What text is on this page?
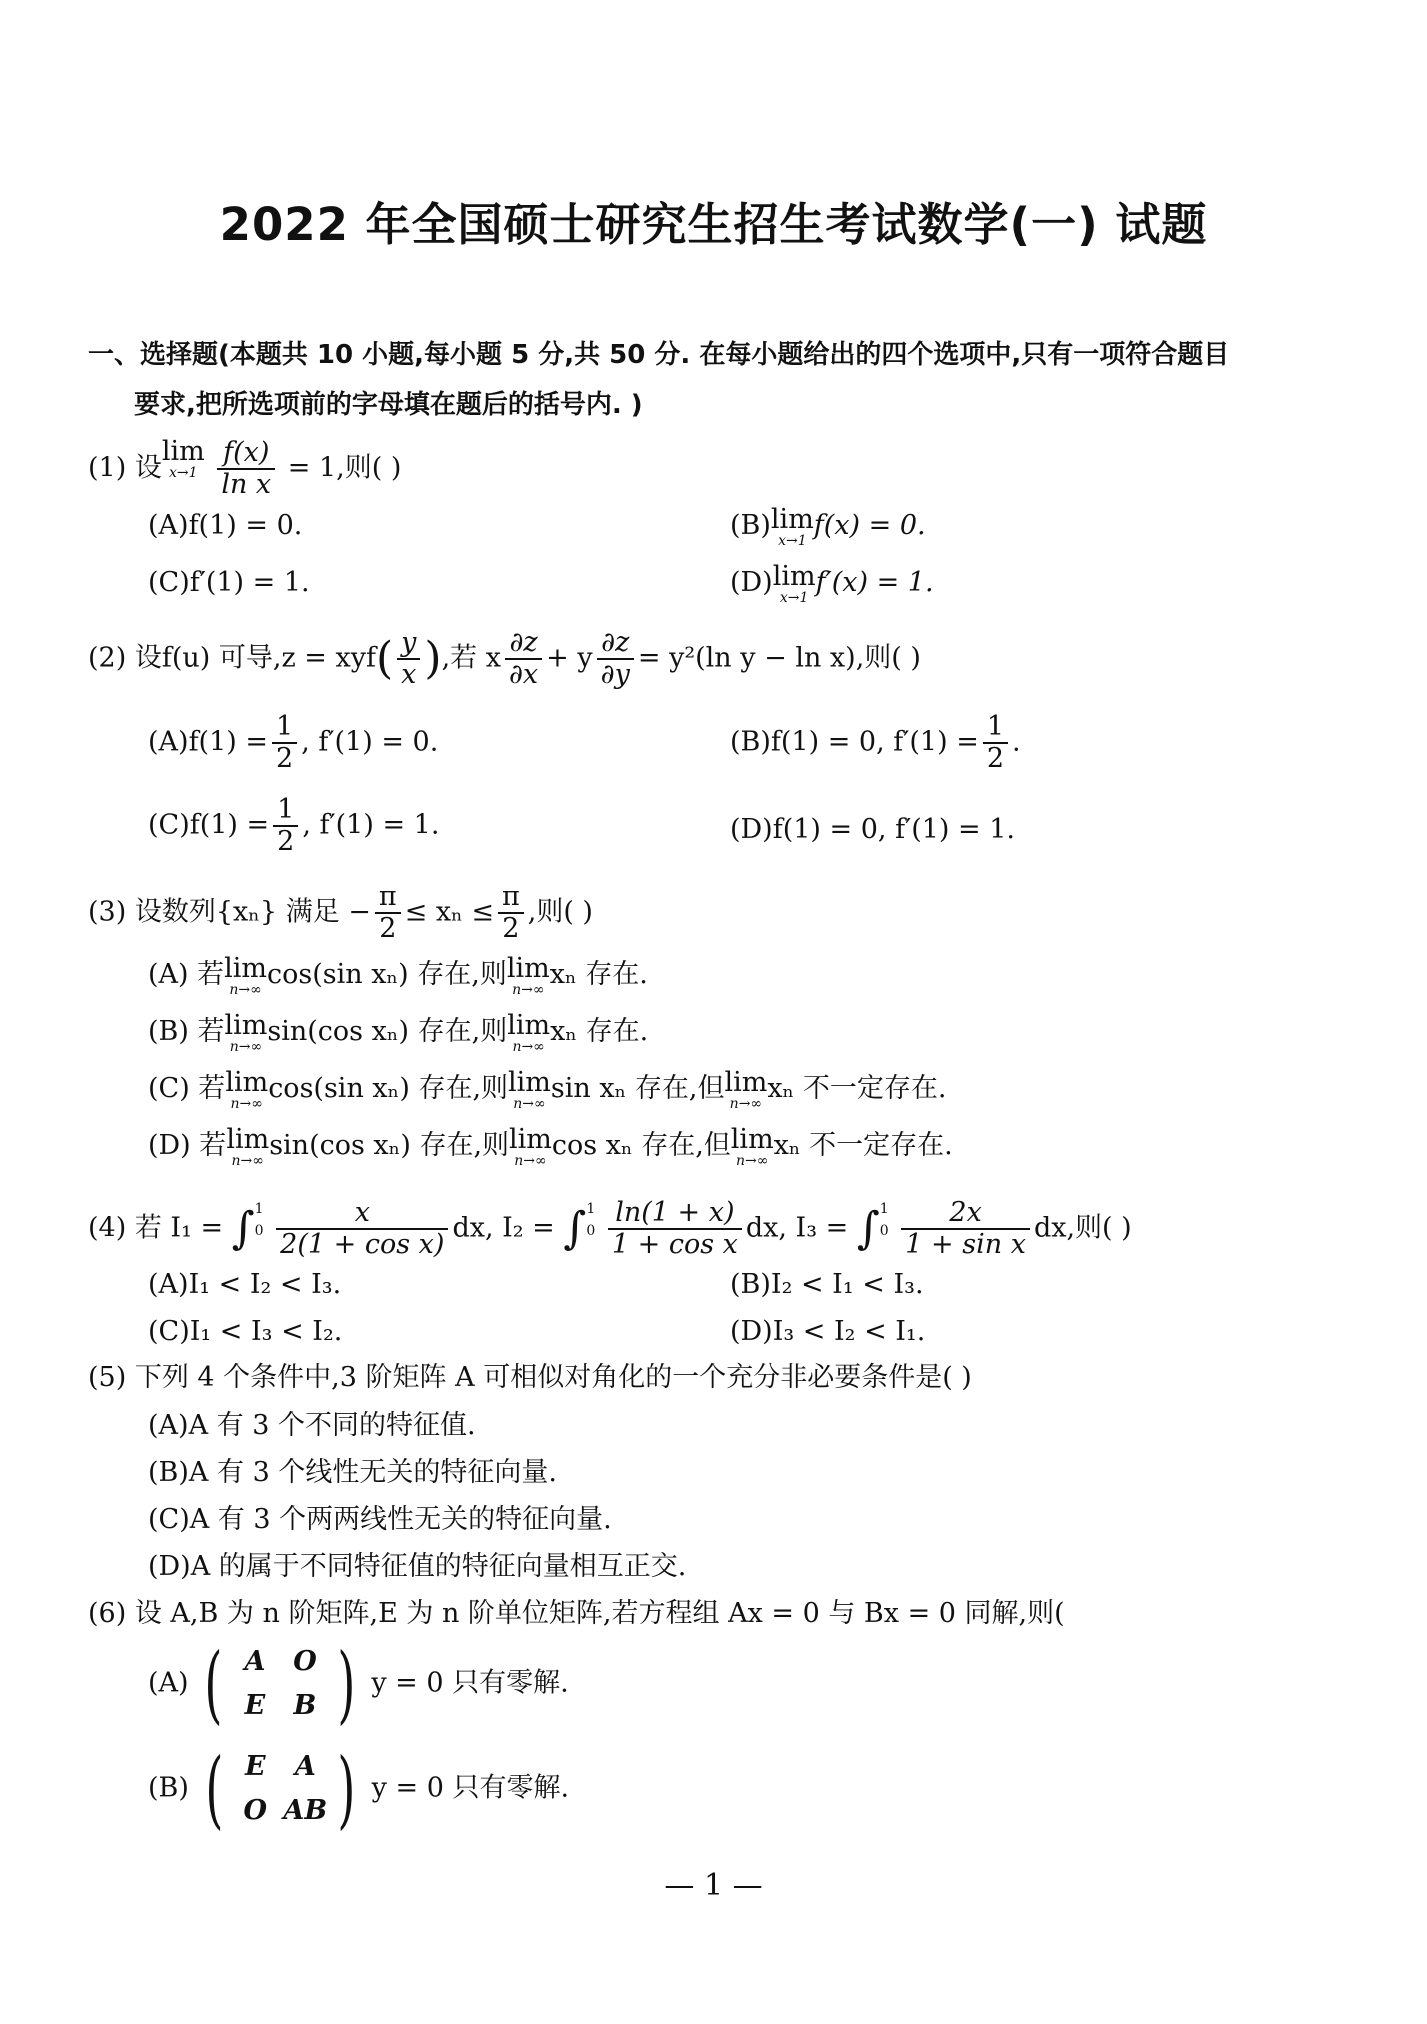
2022 年全国硕士研究生招生考试数学(一) 试题
一、选择题(本题共 10 小题,每小题 5 分,共 50 分. 在每小题给出的四个选项中,只有一项符合题目
要求,把所选项前的字母填在题后的括号内. )
(1) 设
lim
x→1
$\frac{f(x)}{\text{ln x}} = 1$,则( )
(A)f(1) = 0.	(B) lim
x→1 f(x) = 0.
(C)f′(1) = 1.	(D) lim
x→1 f′(x) = 1.
(2) 设f(u) 可导$,z = xyf( \frac{y}{x}$ ),若 x $\frac{\partial z}{\partial x} + y \frac{\partial z}{\partial y} = y^2(\ln$ y − ln x),则( )
$(A)f(1) = \frac{1}{2}$ , f′(1) = 0.	(B)f(1) = 0, $f'(1) = \frac{1}{2}$ .
$(C)f(1) = \frac{1}{2}$ , f′(1) = 1.	(D)f(1) = 0, f′(1) = 1.
(3) 设数列{xₙ} 满足 − $\frac{\pi}{2} \le x_n \le \frac{\pi}{2}$ ,则( )
(A) 若 lim
n→∞ cos(sin xₙ) 存在,则 lim
n→∞ xₙ 存在.
(B) 若 lim
n→∞ sin(cos xₙ) 存在,则 lim
n→∞ xₙ 存在.
(C) 若 lim
n→∞ cos(sin xₙ) 存在,则 lim
n→∞ sin xₙ 存在,但 lim
n→∞ xₙ 不一定存在.
(D) 若 lim
n→∞ sin(cos xₙ) 存在,则 lim
n→∞ cos xₙ 存在,但 lim
n→∞ xₙ 不一定存在.
(4) 若 I₁ = ∫ 1
0
$\frac{x}{\text{2(1 + cos x)}}$ dx, I₂ = ∫ 1
0
$\frac{\ln(1 + x)}{\text{1 + cos x}}$ dx, I₃ = ∫ 1
0
$\frac{2x}{\text{1 + sin x}}$ dx,则( )
(A)I₁ < I₂ < I₃.	(B)I₂ < I₁ < I₃.
(C)I₁ < I₃ < I₂.	(D)I₃ < I₂ < I₁.
(5) 下列 4 个条件中,3 阶矩阵 A 可相似对角化的一个充分非必要条件是( )
(A)A 有 3 个不同的特征值.
(B)A 有 3 个线性无关的特征向量.
(C)A 有 3 个两两线性无关的特征向量.
(D)A 的属于不同特征值的特征向量相互正交.
(6) 设 A,B 为 n 阶矩阵,E 为 n 阶单位矩阵,若方程组 Ax = 0 与 Bx = 0 同解,则(
(A) ( A	O
E	B ) y = 0 只有零解.
(B) ( E	A
O AB ) y = 0 只有零解.
— 1 —
